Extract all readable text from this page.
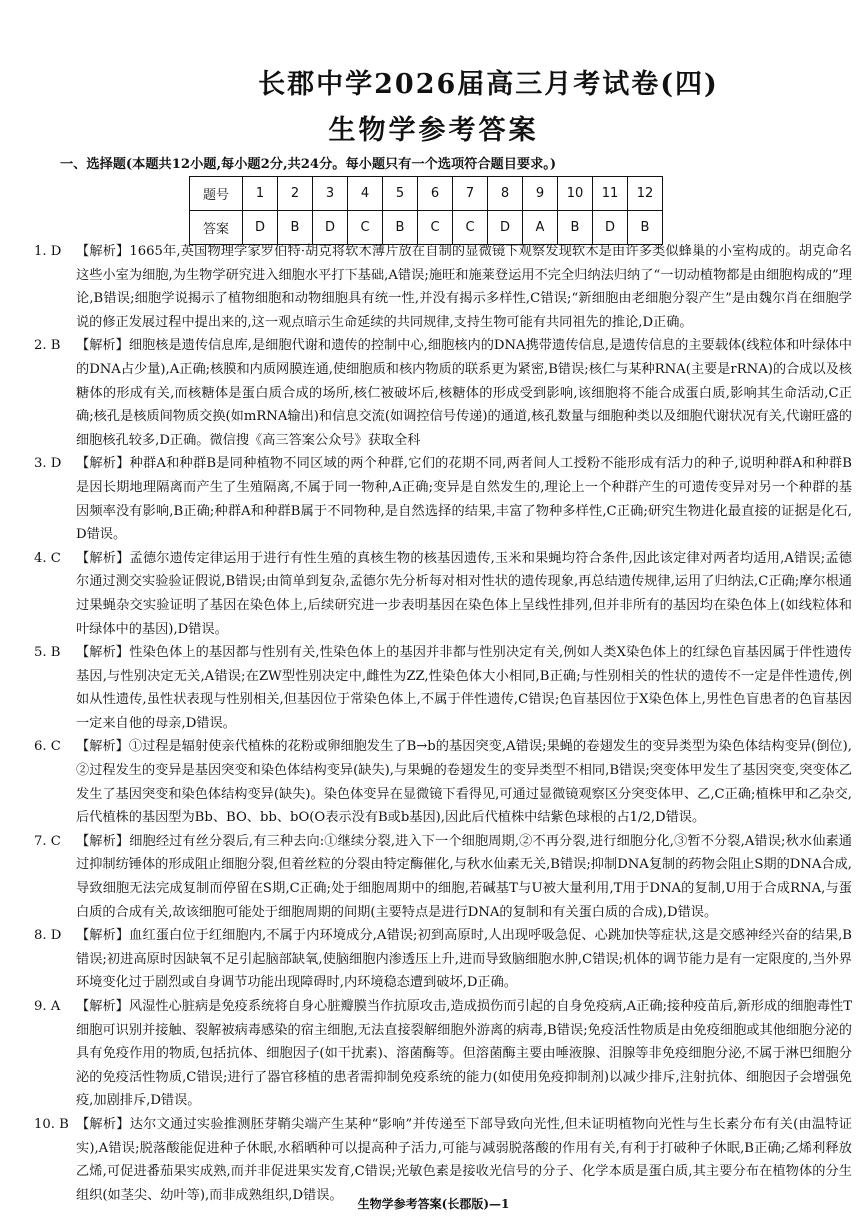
长郡中学2026届高三月考试卷(四)
生物学参考答案
一、选择题(本题共12小题,每小题2分,共24分。每小题只有一个选项符合题目要求。)
题号	1	2	3	4	5	6	7	8	9	10	11	12
答案	D	B	D	C	B	C	C	D	A	B	D	B
1. D	【解析】1665年,英国物理学家罗伯特·胡克将软木薄片放在自制的显微镜下观察发现软木是由许多类似蜂巢的小室构成的。胡克命名这些小室为细胞,为生物学研究进入细胞水平打下基础,A错误;施旺和施莱登运用不完全归纳法归纳了“一切动植物都是由细胞构成的”理论,B错误;细胞学说揭示了植物细胞和动物细胞具有统一性,并没有揭示多样性,C错误;“新细胞由老细胞分裂产生”是由魏尔肖在细胞学说的修正发展过程中提出来的,这一观点暗示生命延续的共同规律,支持生物可能有共同祖先的推论,D正确。
2. B	【解析】细胞核是遗传信息库,是细胞代谢和遗传的控制中心,细胞核内的DNA携带遗传信息,是遗传信息的主要载体(线粒体和叶绿体中的DNA占少量),A正确;核膜和内质网膜连通,使细胞质和核内物质的联系更为紧密,B错误;核仁与某种RNA(主要是rRNA)的合成以及核糖体的形成有关,而核糖体是蛋白质合成的场所,核仁被破坏后,核糖体的形成受到影响,该细胞将不能合成蛋白质,影响其生命活动,C正确;核孔是核质间物质交换(如mRNA输出)和信息交流(如调控信号传递)的通道,核孔数量与细胞种类以及细胞代谢状况有关,代谢旺盛的细胞核孔较多,D正确。微信搜《高三答案公众号》获取全科
3. D	【解析】种群A和种群B是同种植物不同区域的两个种群,它们的花期不同,两者间人工授粉不能形成有活力的种子,说明种群A和种群B是因长期地理隔离而产生了生殖隔离,不属于同一物种,A正确;变异是自然发生的,理论上一个种群产生的可遗传变异对另一个种群的基因频率没有影响,B正确;种群A和种群B属于不同物种,是自然选择的结果,丰富了物种多样性,C正确;研究生物进化最直接的证据是化石,D错误。
4. C	【解析】孟德尔遗传定律运用于进行有性生殖的真核生物的核基因遗传,玉米和果蝇均符合条件,因此该定律对两者均适用,A错误;孟德尔通过测交实验验证假说,B错误;由简单到复杂,孟德尔先分析每对相对性状的遗传现象,再总结遗传规律,运用了归纳法,C正确;摩尔根通过果蝇杂交实验证明了基因在染色体上,后续研究进一步表明基因在染色体上呈线性排列,但并非所有的基因均在染色体上(如线粒体和叶绿体中的基因),D错误。
5. B	【解析】性染色体上的基因都与性别有关,性染色体上的基因并非都与性别决定有关,例如人类X染色体上的红绿色盲基因属于伴性遗传基因,与性别决定无关,A错误;在ZW型性别决定中,雌性为ZZ,性染色体大小相同,B正确;与性别相关的性状的遗传不一定是伴性遗传,例如从性遗传,虽性状表现与性别相关,但基因位于常染色体上,不属于伴性遗传,C错误;色盲基因位于X染色体上,男性色盲患者的色盲基因一定来自他的母亲,D错误。
6. C	【解析】①过程是辐射使亲代植株的花粉或卵细胞发生了B→b的基因突变,A错误;果蝇的卷翅发生的变异类型为染色体结构变异(倒位),②过程发生的变异是基因突变和染色体结构变异(缺失),与果蝇的卷翅发生的变异类型不相同,B错误;突变体甲发生了基因突变,突变体乙发生了基因突变和染色体结构变异(缺失)。染色体变异在显微镜下看得见,可通过显微镜观察区分突变体甲、乙,C正确;植株甲和乙杂交,后代植株的基因型为Bb、BO、bb、bO(O表示没有B或b基因),因此后代植株中结紫色球根的占1/2,D错误。
7. C	【解析】细胞经过有丝分裂后,有三种去向:①继续分裂,进入下一个细胞周期,②不再分裂,进行细胞分化,③暂不分裂,A错误;秋水仙素通过抑制纺锤体的形成阻止细胞分裂,但着丝粒的分裂由特定酶催化,与秋水仙素无关,B错误;抑制DNA复制的药物会阻止S期的DNA合成,导致细胞无法完成复制而停留在S期,C正确;处于细胞周期中的细胞,若碱基T与U被大量利用,T用于DNA的复制,U用于合成RNA,与蛋白质的合成有关,故该细胞可能处于细胞周期的间期(主要特点是进行DNA的复制和有关蛋白质的合成),D错误。
8. D	【解析】血红蛋白位于红细胞内,不属于内环境成分,A错误;初到高原时,人出现呼吸急促、心跳加快等症状,这是交感神经兴奋的结果,B错误;初进高原时因缺氧不足引起脑部缺氧,使脑细胞内渗透压上升,进而导致脑细胞水肿,C错误;机体的调节能力是有一定限度的,当外界环境变化过于剧烈或自身调节功能出现障碍时,内环境稳态遭到破坏,D正确。
9. A	【解析】风湿性心脏病是免疫系统将自身心脏瓣膜当作抗原攻击,造成损伤而引起的自身免疫病,A正确;接种疫苗后,新形成的细胞毒性T细胞可识别并接触、裂解被病毒感染的宿主细胞,无法直接裂解细胞外游离的病毒,B错误;免疫活性物质是由免疫细胞或其他细胞分泌的具有免疫作用的物质,包括抗体、细胞因子(如干扰素)、溶菌酶等。但溶菌酶主要由唾液腺、泪腺等非免疫细胞分泌,不属于淋巴细胞分泌的免疫活性物质,C错误;进行了器官移植的患者需抑制免疫系统的能力(如使用免疫抑制剂)以减少排斥,注射抗体、细胞因子会增强免疫,加剧排斥,D错误。
10. B 【解析】达尔文通过实验推测胚芽鞘尖端产生某种“影响”并传递至下部导致向光性,但未证明植物向光性与生长素分布有关(由温特证实),A错误;脱落酸能促进种子休眠,水稻晒种可以提高种子活力,可能与减弱脱落酸的作用有关,有利于打破种子休眠,B正确;乙烯利释放乙烯,可促进番茄果实成熟,而并非促进果实发育,C错误;光敏色素是接收光信号的分子、化学本质是蛋白质,其主要分布在植物体的分生组织(如茎尖、幼叶等),而非成熟组织,D错误。
生物学参考答案(长郡版)—1
